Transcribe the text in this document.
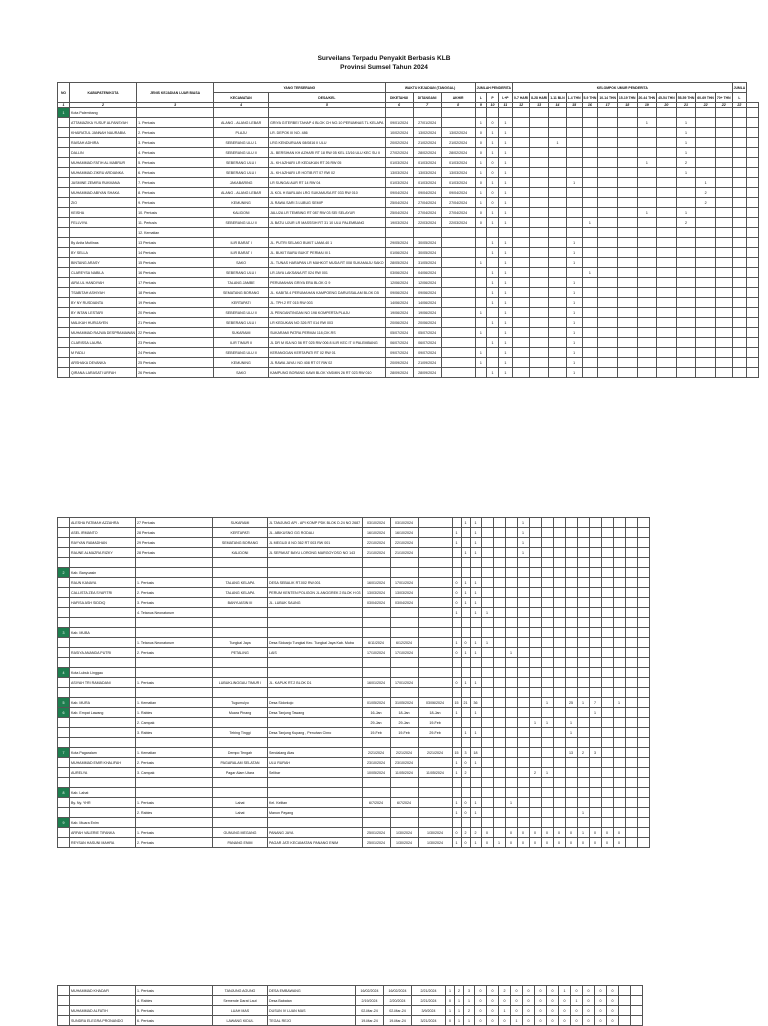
Surveilans Terpadu Penyakit Berbasis KLB
Provinsi Sumsel Tahun 2024
NO	KABUPATEN/KOTA	JENIS KEJADIAN LUAR BIASA	YANG TERSERANG		WAKTU KEJADIAN (TANGGAL)			JUMLAH PENDERITA			KELOMPOK UMUR PENDERITA												JUMLA	
			KECAMATAN	DESA/KEL																				
					DIKETAHUI	DITANGANI	AKHIR	L	P	L+P	0-7 HARI	8-28 HARI	1-11 BLN	1-4 THN	5-9 THN	10-14 THN	15-19 THN	20-44 THN	45-54 THN	55-59 THN	60-69 THN	70+ THN	L	
1	2	3	4	5	6	7	8	9	10	11	12	13	14	15	16	17	18	19	20	21	22	22	22	
1	Kota Palembang																							
	ATTAMAZIKA YUSUF ALFANSYAH	1. Pertusis	ALANG - ALANG LEBAR	GRIYA GITERBEI TAHAP 4 BLOK CH NO.10 PERUMNAS TL KELAPA	09/01/2024	27/01/2024		1	0	1								1		1				
	KHAIRATUL JANNAH NAURABIA	2. Pertusis	PLAJU	LR. DEPOK III NO. 486	10/02/2024	13/02/2024	13/02/2024	0	1	1										1				
	RAISAH ADHIRA	3. Pertusis	SEBERANG ULU 1	LRG KENDURUAN 08/0816 II ULU	20/02/2024	21/02/2024	21/02/2024	0	1	1			1							1				
	DALLIN	4. Pertusis	SEBERANG ULU II	JL. BERSIHAN KH AZHARI RT 18 RW 05 KEL 13/16 ULU KEC SU II	27/02/2024	28/02/2024	28/02/2024	0	1	1										1				
	MUHAMMAD FATIH AL MABRUR	5. Pertusis	SEBERANG ULU I	JL. KH AZHARI LR KEDUKAN RT 26 RW 05	01/03/2024	01/03/2024	01/03/2024	1	0	1								1		2				
	MUHAMMAD ZIKRU ARDIANKA	6. Pertusis	SEBERANG ULU I	JL. KH AZHARI LR HOTIB RT 07 RW 02	13/03/2024	13/03/2024	13/03/2024	1	0	1										1				
	JASMINE ZEMIRA RUKMANA	7. Pertusis	JAKABARING	LR SUNGAI AUR RT 14 RW 04	01/03/2024	01/03/2024	01/03/2024	0	1	1				1							1			
	MUHAMMAD ABIYAN SHAKA	8. Pertusis	ALANG - ALANG LEBAR	JL KOL H BARLIAN LRG SUKAMUSA RT 033 RW 010	09/04/2024	09/04/2024	09/04/2024	1	0	1											2			
	ZIO	9. Pertusis	KEMUNING	JL RAWA SARI 3 LUBUG SEMIP	25/04/2024	27/04/2024	27/04/2024	1	0	1											2			
	KEISHA	10. Pertusis	KALIDONI	JALU2A LR TEMBING RT 087 RW 03 SEI SELAYUR	25/04/2024	27/04/2024	27/04/2024	0	1	1								1		1				
	FELLVIYA	11. Pertusis	SEBERANG ULU II	JL BATU UJUR LR MASSSIH RT 31 10 ULU PALEMBANG	19/03/2024	22/03/2024	22/03/2024	0	1	1					1					2				
		12. Kematian																						
	By Anita Mutlinas	13 Pertusis	ILIR BARAT I	JL. PUTRI SELAKO BUKIT LAMA 40 1	29/05/2024	30/05/2024			1	1				1										
	BY SELLA	14 Pertusis	ILIR BARAT I	JL. BUKIT BARU BUKIT PERMAI III 1	01/06/2024	30/05/2024			1	1				1										
	BINTANG ARASY	15 Pertusis	SAKO	JL. TUNAS HARAPAN LR MAHKOT MUDA RT 008 SUKAMAJU SAKO	28/05/2024	31/05/2024		1		1				1										
	CLAREYSA NABILA	16 Pertusis	SEBERANG ULU I	LR JAYA LAKSANA RT 024 RW 001	03/06/2024	04/06/2024			1	1					1									
	AIRA UL HANDIYAH	17 Pertusis	TALANG JAMBE	PERUMAHAN GRIYA ERA BLOK G 9	12/06/2024	12/06/2024			1	1				1										
	TSABITAH ASHIYAH	18 Pertusis	SEMATANG BORANG	JL. KABITA 4 PERUMAHAN KAMPOENG DARUSSALAM BLOK D5	09/06/2024	09/06/2024			1	1				1										
	BY NY RUSDIANTA	19 Pertusis	KERTAPATI	JL. TPH.2 RT 015 RW 003	14/06/2024	14/06/2024			1	1				1										
	BY INTAN LESTARI	20 Pertusis	SEBERANG ULU II	JL PENGANTINGAN NO 198 KOMPERTA PLAJU	19/06/2024	19/06/2024		1		1				1										
	MALIKAH HURIJAYEN	21 Pertusis	SEBERANG ULU I	LR KEDUKAN NO 326 RT 014 RW 003	20/06/2024	20/06/2024			1	1				1										
	MUHAMMAD RAJWA DESPRAMAWAN	22 Pertusis	SUKARAMI	SUKARAMI PATRA PERMAI 118,CIK.RS	05/07/2024	05/07/2024		1		1				1										
	CLARISSA LAURA	23 Pertusis	ILIR TIMUR II	JL DR M ISA NO 56 RT 025 RW 006 8 ILIR KEC IT II PALEMBANG	06/07/2024	06/07/2024			1	1				1										
	M FADLI	24 Pertusis	SEBERANG ULU II	KERANGGAN KERTAPATI RT 02 RW 01	09/07/2024	09/07/2024		1		1				1										
	ARSHAKA DEVANKA	25 Pertusis	KEMUNING	JL RAWA JAYA I NO 408 RT 07 RW 02	20/09/2024	21/09/2024		1		1				1										
	QIRANA LARASATI URFAH	26 Pertusis	SAKO	KAMPUNG BORANG KAWI BLOK YASMIN 26 RT 023 RW 010	28/09/2024	28/09/2024			1	1				1										
	ALESHA FATIMAH AZZAHRA	27 Pertusis	SUKARAMI	JL TANJUNG API - API KOMP PDK BLOK D.24 NO 2687	03/10/2024	03/10/2024			1	1				1										
	ASEL IRMANTO	28 Pertusis	KERTAPATI	JL. ABIKUSNO GG RODALI	16/10/2024	16/10/2024		1		1				1										
	RAYYAN RAMADHAN	29 Pertusis	SEMATANG BORANG	JL MEGUJI 8 NO 362 RT 003 RW 001	22/10/2024	22/10/2024		1		1				1										
	RAUNE ALMAZRA RIZKY	28 Pertusis	KALIDONI	JL SEPAKAT BAYU LORONG MARGOYOSO NO 143	21/10/2024	21/10/2024			1	1				1										

2	Kab. Banyuasin																							
	RAUN KANAYA	1. Pertusis	TALANG KELAPA	DESA SEBALIK RT.002 RW.001	16/01/2024	17/01/2024		0	1	1														
	CALLISTA ZEA SYAFITRI	2. Pertusis	TALANG KELAPA	PERUM KENTEN POLIGON JL ANGGREK 2 BLOK H 03	13/03/2024	13/03/2024		0	1	1														
	HAFISA ASH SIDDIQ	3. Pertusis	BANYUASIN III	JL. LUBUK SAUNG	03/04/2024	03/04/2024		0	1	1														
		4. Tetanus Neonatorum						1		1	1													

3	Kab. MUBA																							
		1. Tetanus Neonatorum	Tungkal Jaya	Desa Sidoarjo Tungkal Kec. Tungkal Jaya Kab. Muba	6/11/2024	6/12/2024		1	0	1	1													
	RASIYA ANANDA PUTRI	2. Pertusis	PETALING	LAIS	17/10/2024	17/10/2024		0	1	1			1											

4	Kota Lubuk Linggau																							
	ASIYAH TRI RAMADANI	1. Pertusis	LUBUKLINGGAU TIMUR I	JL. KAPUK RT.2 BLOK D1	16/01/2024	17/01/2024		0	1	1														

5	Kab. MURA	1. Kematian	Tugumulyo	Desa Sidorkojo	01/05/2024	31/05/2024	03/06/2024	15	21	36						1		25	1	7		1		
6	Kab. Empat Lawang	1. Rabies	Muara Pinang	Desa Tanjung Tawang	16-Jan	18-Jan	18-Jan	1		1										1				
		2. Campak			29-Jan	29-Jan	19-Feb								1	1		1						
		3. Rabies	Tebing Tinggi	Desa Tanjung Kupang , Penuhan Cinro	19-Feb	19-Feb	29-Feb		1	1								1						

7	Kota Pagaralam	1. Kematian	Dempo Tengah	Sendalang Atas	2/21/2024	2/21/2024	2/21/2024	15	3	18								13	2	3				
	MUHAMMAD EMIR KHALIFAH	2. Pertusis	PAGARALAM SELATAN	ULU RURAH	23/10/2024	23/10/2024		1	0	1														
	AURELYA	3. Campak	Pagar Alam Utara	Selibar	10/05/2024	11/05/2024	11/05/2024	1	2						2	1								

8	Kab. Lahat																							
	By. Ny. YHR	1. Pertusis	Lahat	Kel. Kelitan	6/7/2024	6/7/2024		1	0	1			1											
		2. Rabies	Lahat	Manon Payang				1	0	1									1					
9	Kab. Muara Enim																							
	ARFAH VALERIE TIFANKA	1. Pertusis	GUNUNG MEGANG	PANANG JAYA	25/01/2024	1/30/2024	1/30/2024	0	2	2	0		0	0	0	0	0	0	1	0	0	0		
	REYSAN HASUNI MAHRA	2. Pertusis	PANANG ENIM	PAGAR JATI KECAMATAN PANANG ENIM	25/01/2024	1/30/2024	1/30/2024	1	0	1	0	1	0	0	0	0	0	0	0	0	0	0		
	MUHAMMAD KHADAFI	1. Pertusis	TANJUNG AGUNG	DESA EMBAWANG	16/02/2024	16/02/2024	2/21/2024	1	2	3	0	0	2	0	0	0	0	1	0	0	0	0		
		4. Rabies	Semende Darat Laut	Desa Babatan	2/19/2024	2/20/2024	2/21/2024	0	1	1	0	0	0	0	0	0	0	0	1	0	0	0		
	MUHAMMAD ALFATIH	5. Pertusis	LUAH MAS	DUSUN IV LUAN MAS	02-Mar-24	02-Mar-24	3/9/2024	1	1	2	0	0	1	0	0	0	0	0	0	0	0	0		
	SUNDRA ELEGRA PRONANDO	6. Pertusis	LAWANG KIDUL	TEGAL REJO	19-Mar-24	19-Mar-24	3/21/2024	0	1	1	0	0	0	1	0	0	0	0	0	0	0	0		
